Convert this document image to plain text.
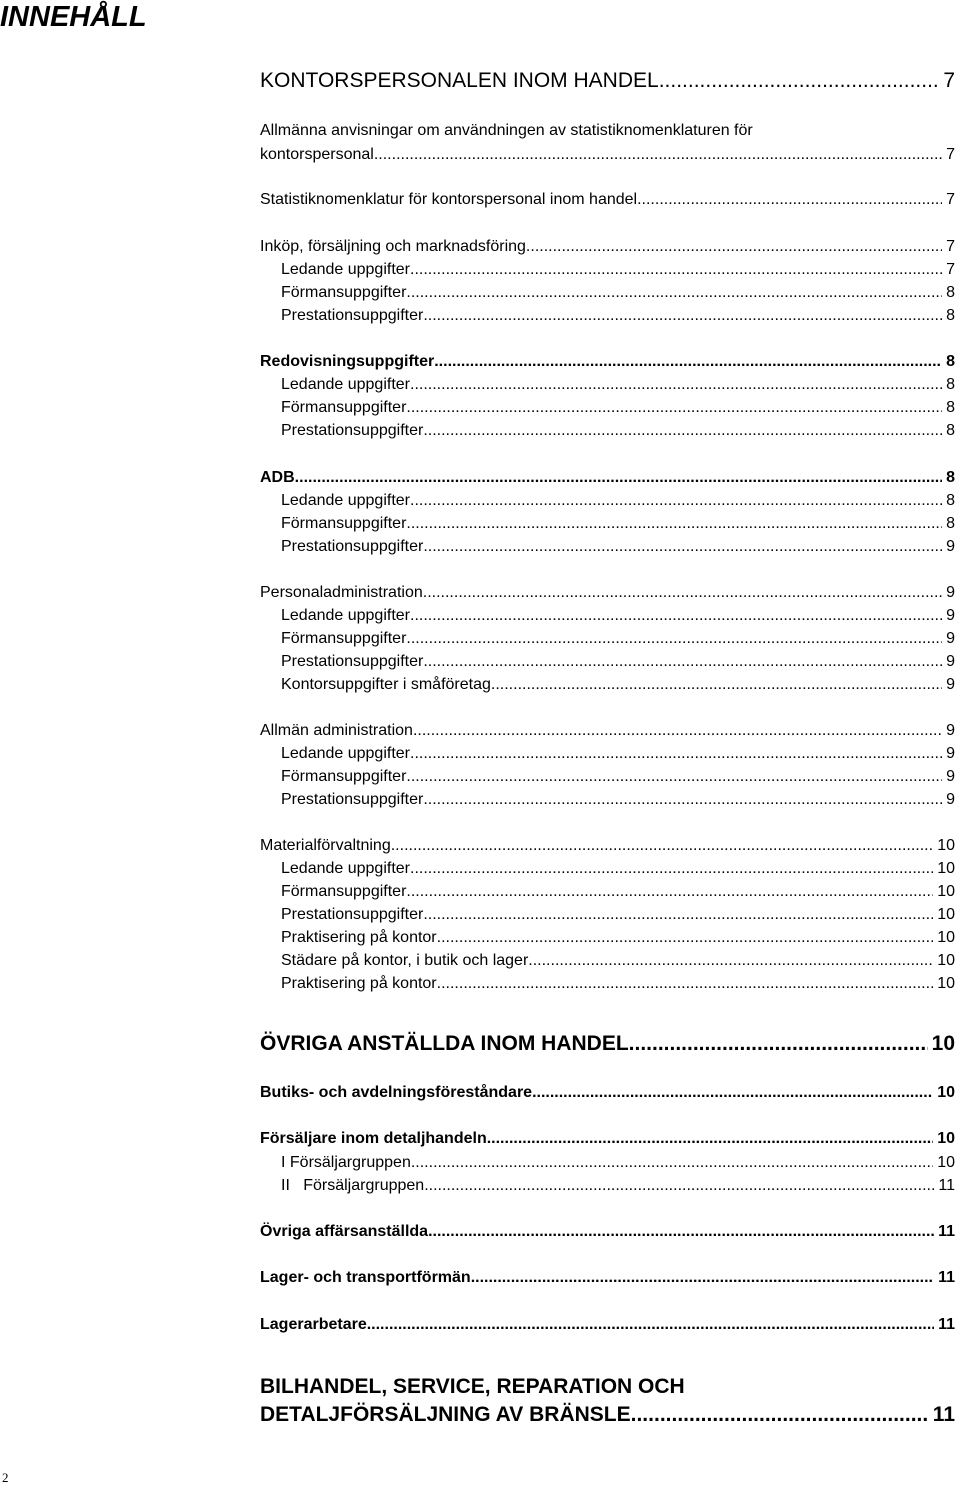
INNEHÅLL
KONTORSPERSONALEN INOM HANDEL .....	7
Allmänna anvisningar om användningen av statistiknomenklaturen för
kontorspersonal .....	7
Statistiknomenklatur för kontorspersonal inom handel .....	7
Inköp, försäljning och marknadsföring .....	7
Ledande uppgifter .....	7
Förmansuppgifter .....	8
Prestationsuppgifter .....	8
Redovisningsuppgifter .....	8
Ledande uppgifter .....	8
Förmansuppgifter .....	8
Prestationsuppgifter .....	8
ADB .....	8
Ledande uppgifter .....	8
Förmansuppgifter .....	8
Prestationsuppgifter .....	9
Personaladministration .....	9
Ledande uppgifter .....	9
Förmansuppgifter .....	9
Prestationsuppgifter .....	9
Kontorsuppgifter i småföretag .....	9
Allmän administration .....	9
Ledande uppgifter .....	9
Förmansuppgifter .....	9
Prestationsuppgifter .....	9
Materialförvaltning .....	10
Ledande uppgifter .....	10
Förmansuppgifter .....	10
Prestationsuppgifter .....	10
Praktisering på kontor .....	10
Städare på kontor, i butik och lager .....	10
Praktisering på kontor .....	10
ÖVRIGA ANSTÄLLDA INOM HANDEL .....	10
Butiks- och avdelningsföreståndare .....	10
Försäljare inom detaljhandeln .....	10
I Försäljargruppen .....	10
II   Försäljargruppen .....	11
Övriga affärsanställda .....	11
Lager- och transportförmän .....	11
Lagerarbetare .....	11
BILHANDEL, SERVICE, REPARATION OCH
DETALJFÖRSÄLJNING AV BRÄNSLE .....	11
2
